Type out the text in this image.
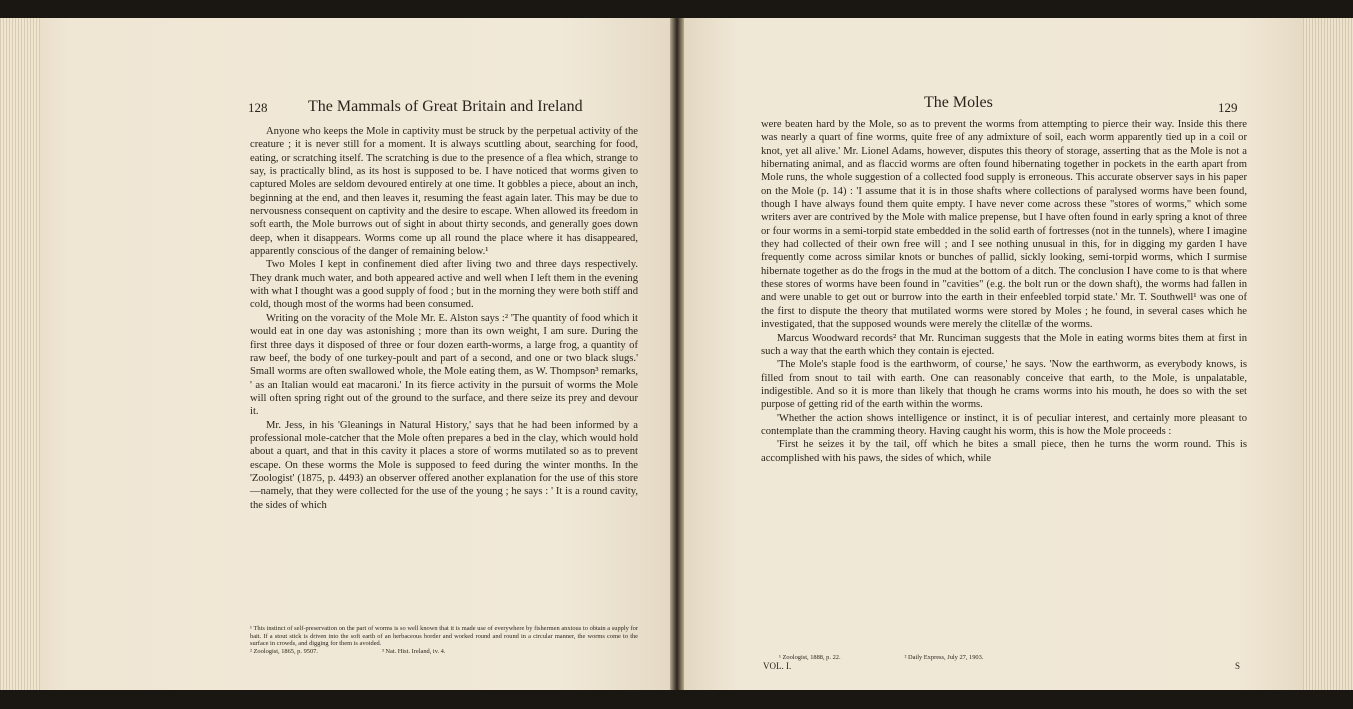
128	The Mammals of Great Britain and Ireland

Anyone who keeps the Mole in captivity must be struck by the perpetual activity of the creature ; it is never still for a moment. It is always scuttling about, searching for food, eating, or scratching itself. The scratching is due to the presence of a flea which, strange to say, is practically blind, as its host is supposed to be. I have noticed that worms given to captured Moles are seldom devoured entirely at one time. It gobbles a piece, about an inch, beginning at the end, and then leaves it, resuming the feast again later. This may be due to nervousness consequent on captivity and the desire to escape. When allowed its freedom in soft earth, the Mole burrows out of sight in about thirty seconds, and generally goes down deep, when it disappears. Worms come up all round the place where it has disappeared, apparently conscious of the danger of remaining below.¹

Two Moles I kept in confinement died after living two and three days respectively. They drank much water, and both appeared active and well when I left them in the evening with what I thought was a good supply of food ; but in the morning they were both stiff and cold, though most of the worms had been consumed.

Writing on the voracity of the Mole Mr. E. Alston says :² 'The quantity of food which it would eat in one day was astonishing ; more than its own weight, I am sure. During the first three days it disposed of three or four dozen earth-worms, a large frog, a quantity of raw beef, the body of one turkey-poult and part of a second, and one or two black slugs.' Small worms are often swallowed whole, the Mole eating them, as W. Thompson³ remarks, ' as an Italian would eat macaroni.' In its fierce activity in the pursuit of worms the Mole will often spring right out of the ground to the surface, and there seize its prey and devour it.

Mr. Jess, in his 'Gleanings in Natural History,' says that he had been informed by a professional mole-catcher that the Mole often prepares a bed in the clay, which would hold about a quart, and that in this cavity it places a store of worms mutilated so as to prevent escape. On these worms the Mole is supposed to feed during the winter months. In the 'Zoologist' (1875, p. 4493) an observer offered another explanation for the use of this store—namely, that they were collected for the use of the young ; he says : ' It is a round cavity, the sides of which

¹ This instinct of self-preservation on the part of worms is so well known that it is made use of everywhere by fishermen anxious to obtain a supply for bait. If a stout stick is driven into the soft earth of an herbaceous border and worked round and round in a circular manner, the worms come to the surface in crowds, and digging for them is avoided.

² Zoologist, 1865, p. 9507.                                        ³ Nat. Hist. Ireland, iv. 4.

The Moles	129

were beaten hard by the Mole, so as to prevent the worms from attempting to pierce their way. Inside this there was nearly a quart of fine worms, quite free of any admixture of soil, each worm apparently tied up in a coil or knot, yet all alive.' Mr. Lionel Adams, however, disputes this theory of storage, asserting that as the Mole is not a hibernating animal, and as flaccid worms are often found hibernating together in pockets in the earth apart from Mole runs, the whole suggestion of a collected food supply is erroneous. This accurate observer says in his paper on the Mole (p. 14) : 'I assume that it is in those shafts where collections of paralysed worms have been found, though I have always found them quite empty. I have never come across these "stores of worms," which some writers aver are contrived by the Mole with malice prepense, but I have often found in early spring a knot of three or four worms in a semi-torpid state embedded in the solid earth of fortresses (not in the tunnels), where I imagine they had collected of their own free will ; and I see nothing unusual in this, for in digging my garden I have frequently come across similar knots or bunches of pallid, sickly looking, semi-torpid worms, which I surmise hibernate together as do the frogs in the mud at the bottom of a ditch. The conclusion I have come to is that where these stores of worms have been found in "cavities" (e.g. the bolt run or the down shaft), the worms had fallen in and were unable to get out or burrow into the earth in their enfeebled torpid state.' Mr. T. Southwell¹ was one of the first to dispute the theory that mutilated worms were stored by Moles ; he found, in several cases which he investigated, that the supposed wounds were merely the clitellæ of the worms.

Marcus Woodward records² that Mr. Runciman suggests that the Mole in eating worms bites them at first in such a way that the earth which they contain is ejected.

'The Mole's staple food is the earthworm, of course,' he says. 'Now the earthworm, as everybody knows, is filled from snout to tail with earth. One can reasonably conceive that earth, to the Mole, is unpalatable, indigestible. And so it is more than likely that though he crams worms into his mouth, he does so with the set purpose of getting rid of the earth within the worms.

'Whether the action shows intelligence or instinct, it is of peculiar interest, and certainly more pleasant to contemplate than the cramming theory. Having caught his worm, this is how the Mole proceeds :

'First he seizes it by the tail, off which he bites a small piece, then he turns the worm round. This is accomplished with his paws, the sides of which, while

¹ Zoologist, 1888, p. 22.                                        ² Daily Express, July 27, 1903.

VOL. I.	S
